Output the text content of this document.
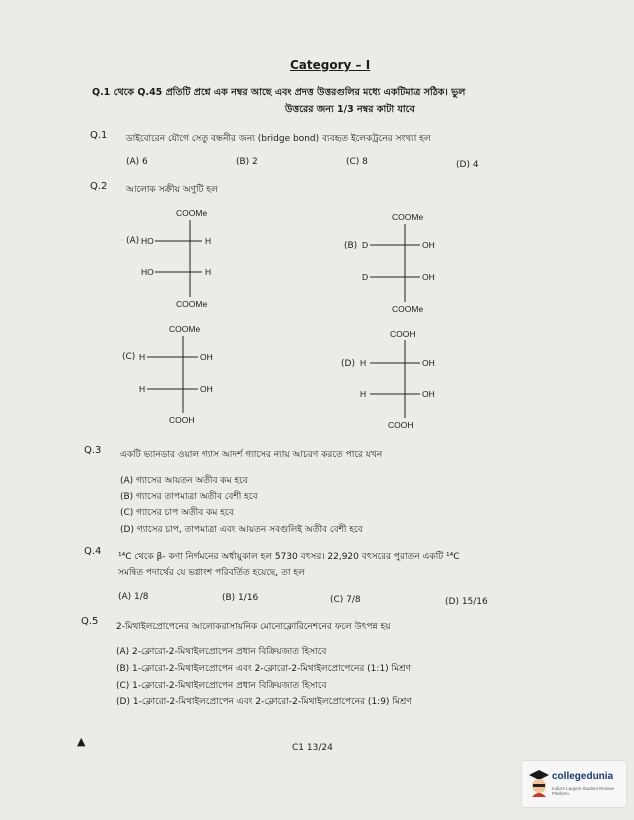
Category – I
Q.1 থেকে Q.45 প্রতিটি প্রশ্নে এক নম্বর আছে এবং প্রদত্ত উত্তরগুলির মধ্যে একটিমাত্র সঠিক। ভুল
উত্তরের জন্য 1/3 নম্বর কাটা যাবে
Q.1 ডাইবোরেন যৌগে সেতু বন্ধনীর জন্য (bridge bond) ব্যবহৃত ইলেকট্রনের সংখ্যা হল
(A) 6	(B) 2	(C) 8	(D) 4
Q.2 আলোক সক্রীয় অণুটি হল
COOMe
(A) HO	H
HO	H
COOMe
COOMe
(B) D	OH
D	OH
COOMe
COOMe
(C) H	OH
H	OH
COOH
COOH
(D) H	OH
H	OH
COOH
Q.3 একটি ভ্যানডার ওয়াল গ্যাস আদর্শ গ্যাসের ন্যায় আচরণ করতে পারে যখন
(A) গ্যাসের আয়তন অতীব কম হবে
(B) গ্যাসের তাপমাত্রা অতীব বেশী হবে
(C) গ্যাসের চাপ অতীব কম হবে
(D) গ্যাসের চাপ, তাপমাত্রা এবং আয়তন সবগুলিই অতীব বেশী হবে
Q.4 ¹⁴C থেকে β- কণা নির্গমনের অর্ধায়ুকাল হল 5730 বৎসর। 22,920 বৎসরের পুরাতন একটি ¹⁴C
সমন্বিত পদার্থের যে ভগ্নাংশ পরিবর্তিত হয়েছে, তা হল
(A) 1/8	(B) 1/16	(C) 7/8	(D) 15/16
Q.5 2-মিথাইলপ্রোপেনের আলোকরাসায়নিক মোনোক্লোরিনেশনের ফলে উৎপন্ন হয়
(A) 2-ক্লোরো-2-মিথাইলপ্রোপেন প্রধান বিক্রিয়জাত হিসাবে
(B) 1-ক্লোরো-2-মিথাইলপ্রোপেন এবং 2-ক্লোরো-2-মিথাইলপ্রোপেনের (1:1) মিশ্রণ
(C) 1-ক্লোরো-2-মিথাইলপ্রোপেন প্রধান বিক্রিয়জাত হিসাবে
(D) 1-ক্লোরো-2-মিথাইলপ্রোপেন এবং 2-ক্লোরো-2-মিথাইলপ্রোপেনের (1:9) মিশ্রণ
▲	C1 13/24
collegedunia
India's Largest Student Review Platform
